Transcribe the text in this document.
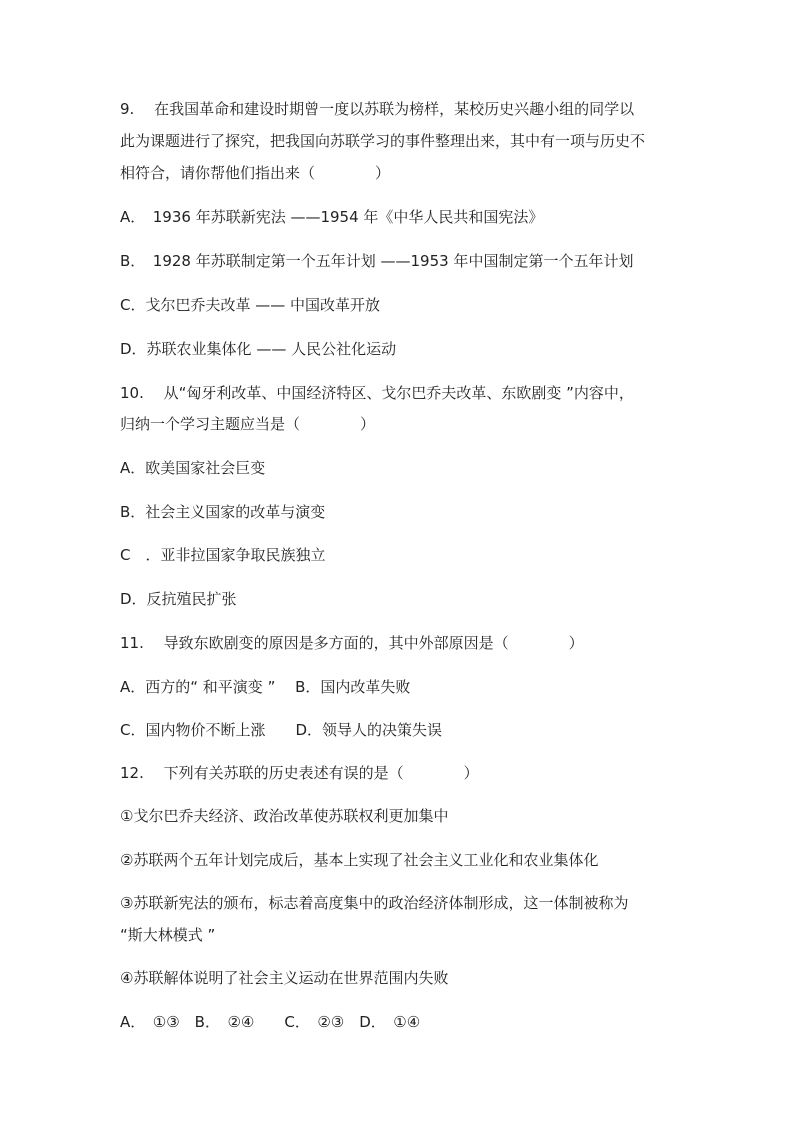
9.　 在我国革命和建设时期曾一度以苏联为榜样，某校历史兴趣小组的同学以
此为课题进行了探究，把我国向苏联学习的事件整理出来，其中有一项与历史不
相符合，请你帮他们指出来（　　　　）
A．　1936 年苏联新宪法 ——1954 年《中华人民共和国宪法》
B．　1928 年苏联制定第一个五年计划 ——1953 年中国制定第一个五年计划
C．戈尔巴乔夫改革 —— 中国改革开放
D．苏联农业集体化 —— 人民公社化运动
10.　 从“匈牙利改革、中国经济特区、戈尔巴乔夫改革、东欧剧变 ”内容中，
归纳一个学习主题应当是（　　　　）
A．欧美国家社会巨变
B．社会主义国家的改革与演变
C　．亚非拉国家争取民族独立
D．反抗殖民扩张
11.　 导致东欧剧变的原因是多方面的，其中外部原因是（　　　　）
A．西方的“ 和平演变 ”　 B．国内改革失败
C．国内物价不断上涨　　D．领导人的决策失误
12.　 下列有关苏联的历史表述有误的是（　　　　）
①戈尔巴乔夫经济、政治改革使苏联权利更加集中
②苏联两个五年计划完成后，基本上实现了社会主义工业化和农业集体化
③苏联新宪法的颁布，标志着高度集中的政治经济体制形成，这一体制被称为
“斯大林模式 ”
④苏联解体说明了社会主义运动在世界范围内失败
A．　①③　B．　②④　　C．　②③　D．　①④
